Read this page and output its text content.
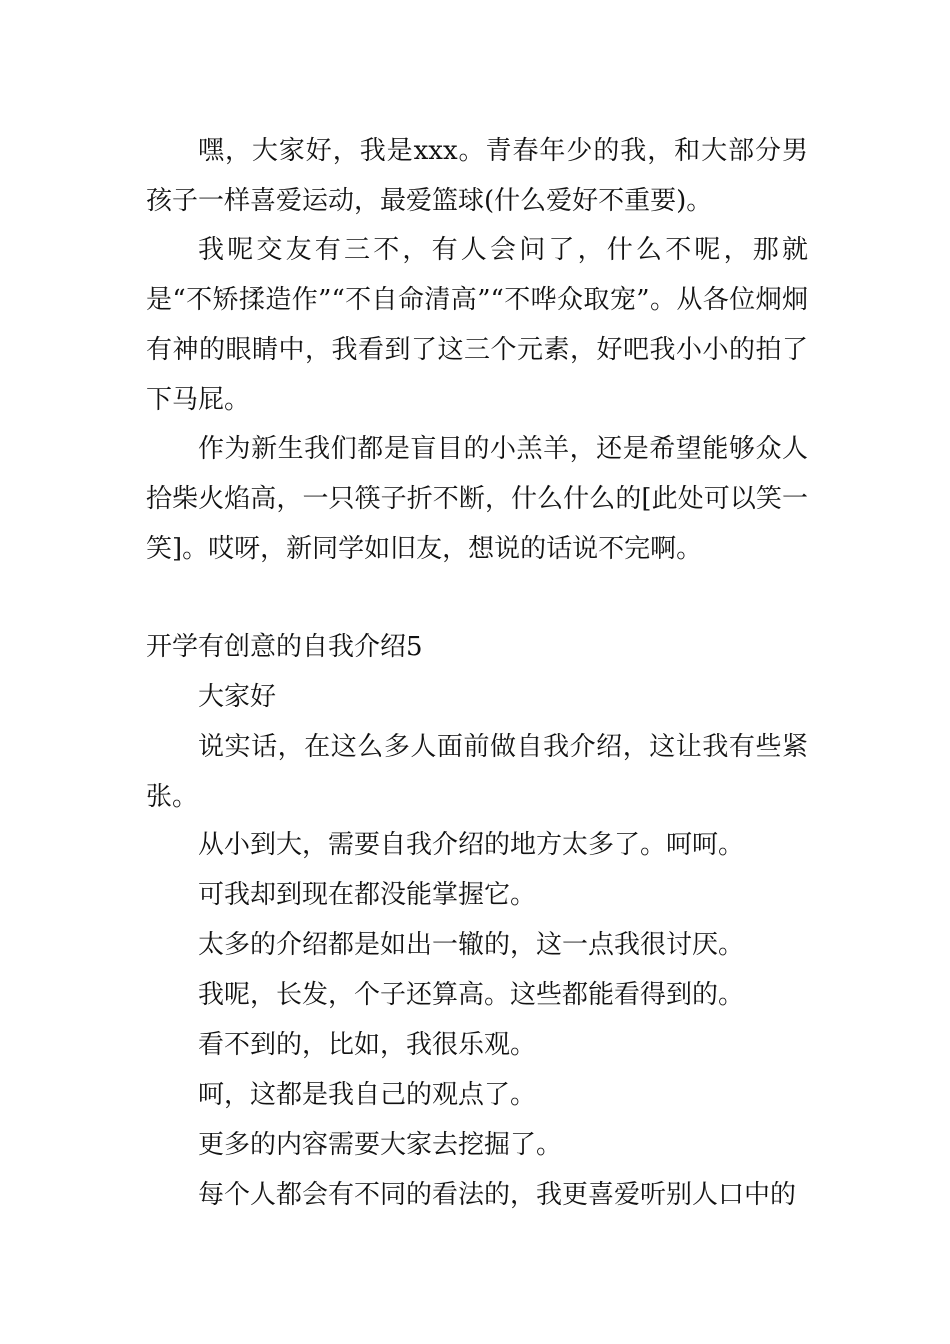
嘿，大家好，我是xxx。青春年少的我，和大部分男孩子一样喜爱运动，最爱篮球(什么爱好不重要)。

我呢交友有三不，有人会问了，什么不呢，那就是“不矫揉造作”“不自命清高”“不哗众取宠”。从各位炯炯有神的眼睛中，我看到了这三个元素，好吧我小小的拍了下马屁。

作为新生我们都是盲目的小羔羊，还是希望能够众人拾柴火焰高，一只筷子折不断，什么什么的[此处可以笑一笑]。哎呀，新同学如旧友，想说的话说不完啊。

开学有创意的自我介绍5

大家好

说实话，在这么多人面前做自我介绍，这让我有些紧张。

从小到大，需要自我介绍的地方太多了。呵呵。

可我却到现在都没能掌握它。

太多的介绍都是如出一辙的，这一点我很讨厌。

我呢，长发，个子还算高。这些都能看得到的。

看不到的，比如，我很乐观。

呵，这都是我自己的观点了。

更多的内容需要大家去挖掘了。

每个人都会有不同的看法的，我更喜爱听别人口中的
